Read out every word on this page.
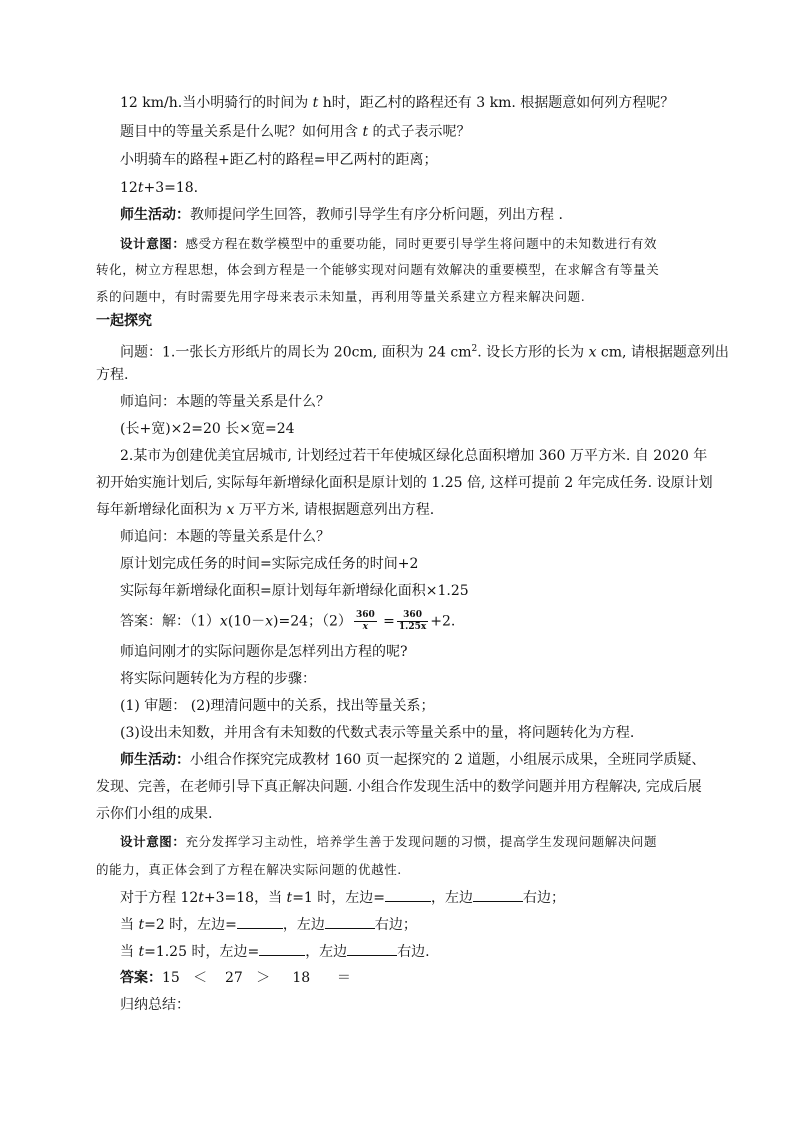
12 km/h.当小明骑行的时间为 t h时，距乙村的路程还有 3 km. 根据题意如何列方程呢？
题目中的等量关系是什么呢？如何用含 t 的式子表示呢？
小明骑车的路程+距乙村的路程=甲乙两村的距离；
12t+3=18.
师生活动：教师提问学生回答，教师引导学生有序分析问题，列出方程 .
设计意图：感受方程在数学模型中的重要功能，同时更要引导学生将问题中的未知数进行有效
转化，树立方程思想，体会到方程是一个能够实现对问题有效解决的重要模型，在求解含有等量关
系的问题中，有时需要先用字母来表示未知量，再利用等量关系建立方程来解决问题.
一起探究
问题：1.一张长方形纸片的周长为 20cm, 面积为 24 $cm^2$. 设长方形的长为 x cm, 请根据题意列出
方程.
师追问：本题的等量关系是什么？
(长+宽)×2=20 长×宽=24
2.某市为创建优美宜居城市, 计划经过若干年使城区绿化总面积增加 360 万平方米. 自 2020 年
初开始实施计划后, 实际每年新增绿化面积是原计划的 1.25 倍, 这样可提前 2 年完成任务. 设原计划
每年新增绿化面积为 x 万平方米, 请根据题意列出方程.
师追问：本题的等量关系是什么？
原计划完成任务的时间=实际完成任务的时间+2
实际每年新增绿化面积=原计划每年新增绿化面积×1.25
答案：解：（1）x(10－x)=24；$(2) \frac{360}{x} = \frac{360}{1.25x} +2$.
师追问刚才的实际问题你是怎样列出方程的呢?
将实际问题转化为方程的步骤：
(1) 审题： (2)理清问题中的关系，找出等量关系；
(3)设出未知数，并用含有未知数的代数式表示等量关系中的量，将问题转化为方程.
师生活动：小组合作探究完成教材 160 页一起探究的 2 道题，小组展示成果，全班同学质疑、
发现、完善，在老师引导下真正解决问题. 小组合作发现生活中的数学问题并用方程解决, 完成后展
示你们小组的成果.
设计意图：充分发挥学习主动性，培养学生善于发现问题的习惯，提高学生发现问题解决问题
的能力，真正体会到了方程在解决实际问题的优越性.
对于方程 12t+3=18，当 t=1 时，左边=	，左边	右边；
当 t=2 时，左边=	，左边	右边；
当 t=1.25 时，左边=	，左边	右边.
答案：15   ＜    27   ＞     18      ＝
归纳总结：
